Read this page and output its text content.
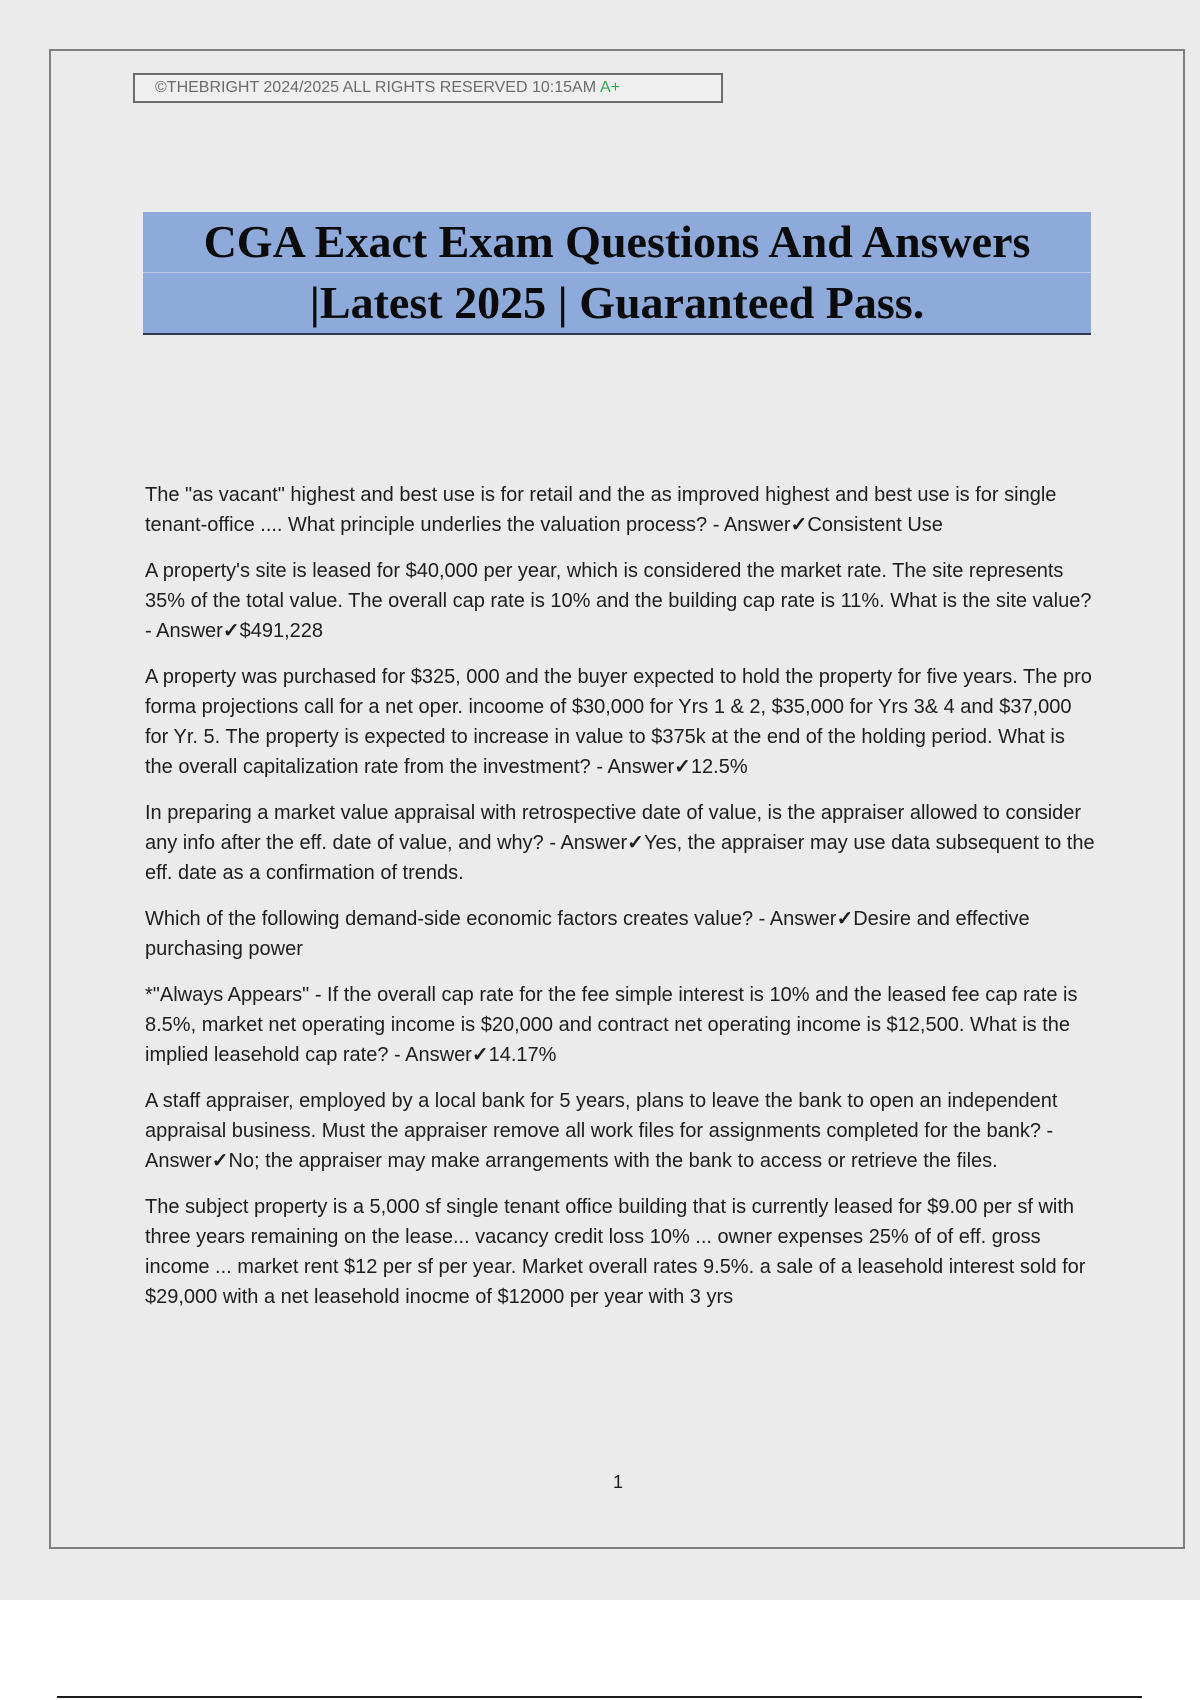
©THEBRIGHT 2024/2025 ALL RIGHTS RESERVED 10:15AM A+
CGA Exact Exam Questions And Answers
|Latest 2025 | Guaranteed Pass.

The "as vacant" highest and best use is for retail and the as improved highest and best use is for single tenant-office .... What principle underlies the valuation process? - Answer✓Consistent Use

A property's site is leased for $40,000 per year, which is considered the market rate. The site represents 35% of the total value. The overall cap rate is 10% and the building cap rate is 11%. What is the site value? - Answer✓$491,228

A property was purchased for $325, 000 and the buyer expected to hold the property for five years. The pro forma projections call for a net oper. incoome of $30,000 for Yrs 1 & 2, $35,000 for Yrs 3& 4 and $37,000 for Yr. 5. The property is expected to increase in value to $375k at the end of the holding period. What is the overall capitalization rate from the investment? - Answer✓12.5%

In preparing a market value appraisal with retrospective date of value, is the appraiser allowed to consider any info after the eff. date of value, and why? - Answer✓Yes, the appraiser may use data subsequent to the eff. date as a confirmation of trends.

Which of the following demand-side economic factors creates value? - Answer✓Desire and effective purchasing power

*"Always Appears" - If the overall cap rate for the fee simple interest is 10% and the leased fee cap rate is 8.5%, market net operating income is $20,000 and contract net operating income is $12,500. What is the implied leasehold cap rate? - Answer✓14.17%

A staff appraiser, employed by a local bank for 5 years, plans to leave the bank to open an independent appraisal business. Must the appraiser remove all work files for assignments completed for the bank? - Answer✓No; the appraiser may make arrangements with the bank to access or retrieve the files.

The subject property is a 5,000 sf single tenant office building that is currently leased for $9.00 per sf with three years remaining on the lease... vacancy credit loss 10% ... owner expenses 25% of of eff. gross income ... market rent $12 per sf per year. Market overall rates 9.5%. a sale of a leasehold interest sold for $29,000 with a net leasehold inocme of $12000 per year with 3 yrs

1
